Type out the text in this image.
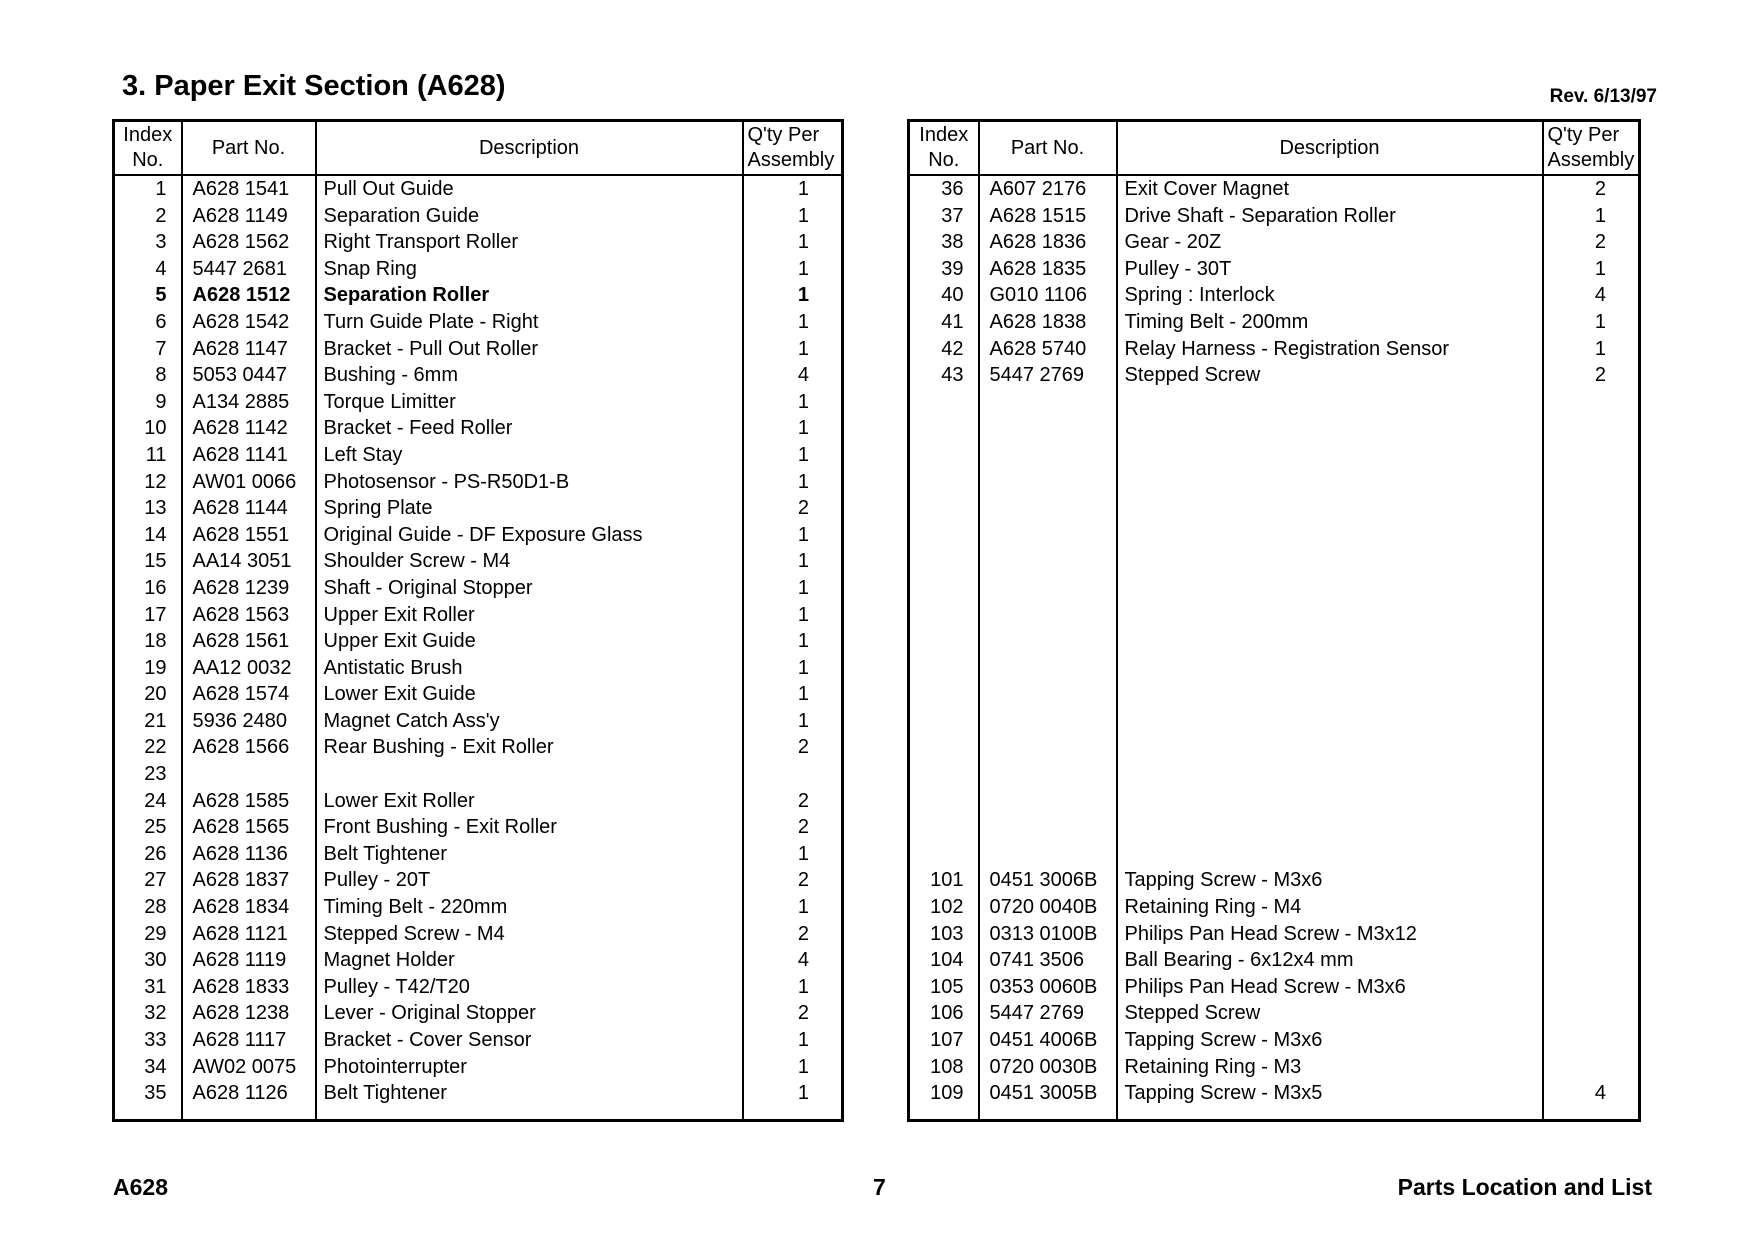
3. Paper Exit Section (A628)	Rev. 6/13/97
Index
No.	Part No.	Description	Q'ty Per
Assembly
1	A628 1541	Pull Out Guide	1
2	A628 1149	Separation Guide	1
3	A628 1562	Right Transport Roller	1
4	5447 2681	Snap Ring	1
5	A628 1512	Separation Roller	1
6	A628 1542	Turn Guide Plate - Right	1
7	A628 1147	Bracket - Pull Out Roller	1
8	5053 0447	Bushing - 6mm	4
9	A134 2885	Torque Limitter	1
10	A628 1142	Bracket - Feed Roller	1
11	A628 1141	Left Stay	1
12	AW01 0066	Photosensor - PS-R50D1-B	1
13	A628 1144	Spring Plate	2
14	A628 1551	Original Guide - DF Exposure Glass	1
15	AA14 3051	Shoulder Screw - M4	1
16	A628 1239	Shaft - Original Stopper	1
17	A628 1563	Upper Exit Roller	1
18	A628 1561	Upper Exit Guide	1
19	AA12 0032	Antistatic Brush	1
20	A628 1574	Lower Exit Guide	1
21	5936 2480	Magnet Catch Ass'y	1
22	A628 1566	Rear Bushing - Exit Roller	2
23			
24	A628 1585	Lower Exit Roller	2
25	A628 1565	Front Bushing - Exit Roller	2
26	A628 1136	Belt Tightener	1
27	A628 1837	Pulley - 20T	2
28	A628 1834	Timing Belt - 220mm	1
29	A628 1121	Stepped Screw - M4	2
30	A628 1119	Magnet Holder	4
31	A628 1833	Pulley - T42/T20	1
32	A628 1238	Lever - Original Stopper	2
33	A628 1117	Bracket - Cover Sensor	1
34	AW02 0075	Photointerrupter	1
35	A628 1126	Belt Tightener	1
Index
No.	Part No.	Description	Q'ty Per
Assembly
36	A607 2176	Exit Cover Magnet	2
37	A628 1515	Drive Shaft - Separation Roller	1
38	A628 1836	Gear - 20Z	2
39	A628 1835	Pulley - 30T	1
40	G010 1106	Spring : Interlock	4
41	A628 1838	Timing Belt - 200mm	1
42	A628 5740	Relay Harness - Registration Sensor	1
43	5447 2769	Stepped Screw	2

101	0451 3006B	Tapping Screw - M3x6	
102	0720 0040B	Retaining Ring - M4	
103	0313 0100B	Philips Pan Head Screw - M3x12	
104	0741 3506	Ball Bearing - 6x12x4 mm	
105	0353 0060B	Philips Pan Head Screw - M3x6	
106	5447 2769	Stepped Screw	
107	0451 4006B	Tapping Screw - M3x6	
108	0720 0030B	Retaining Ring - M3	
109	0451 3005B	Tapping Screw - M3x5	4
A628	7	Parts Location and List
